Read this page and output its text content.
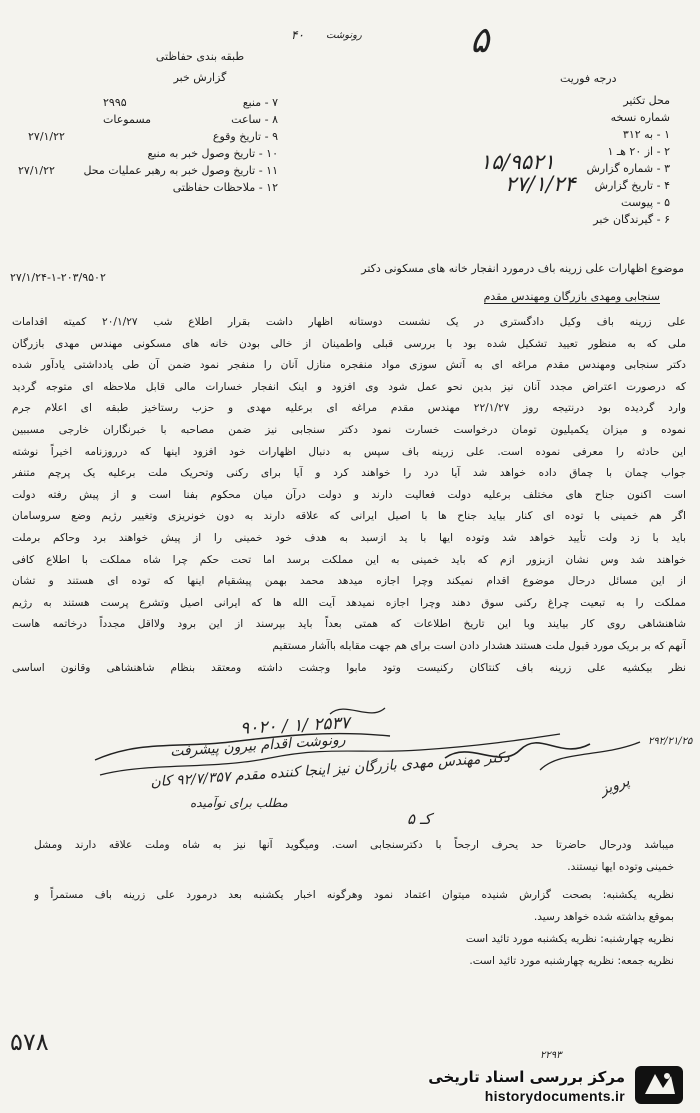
۵
۴۰ رونوشت
طبقه بندی حفاظتی
گزارش خبر
۷ - منبع
۲۹۹۵
۸ - ساعت
مسموعات
۹ - تاریخ وقوع
۲۷/۱/۲۲
۱۰ - تاریخ وصول خبر به منبع
۱۱ - تاریخ وصول خبر به رهبر عملیات محل
۲۷/۱/۲۲
۱۲ - ملاحظات حفاظتی
درجه فوریت
محل تکثیر
شماره نسخه
۱ - به ۳۱۲
۲ - از ۲۰ هـ ۱
۳ - شماره گزارش
۴ - تاریخ گزارش
۵ - پیوست
۶ - گیرندگان خبر
۱۵/۹۵۲۱
۲۷/۱/۲۴
موضوع اظهارات علی زرینه باف درمورد انفجار خانه های مسکونی دکتر
۲۷/۱/۲۴-۱-۲۰۳/۹۵۰۲
سنجابی ومهدی بازرگان ومهندس مقدم
علی زرینه باف وکیل دادگستری در یک نشست دوستانه اظهار داشت بقرار اطلاع شب ۲۰/۱/۲۷ کمیته اقدامات
ملی که به منظور تعیید تشکیل شده بود با بررسی قبلی واطمینان از خالی بودن خانه های مسکونی مهندس مهدی بازرگان
دکتر سنجابی ومهندس مقدم مراغه ای به آتش سوزی مواد منفجره منازل آنان را منفجر نمود ضمن آن طی یادداشتی یادآور شده
که درصورت اعتراض مجدد آنان نیز بدین نحو عمل شود وی افزود و اینک انفجار خسارات مالی قابل ملاحظه ای متوجه گردید
وارد گردیده بود درنتیجه روز ۲۲/۱/۲۷ مهندس مقدم مراغه ای برعلیه مهدی و حزب رستاخیز طبقه ای اعلام جرم
نموده و میزان یکمیلیون تومان درخواست خسارت نمود دکتر سنجابی نیز ضمن مصاحبه با خبرنگاران خارجی مسببین
این حادثه را معرفی نموده است. علی زرینه باف سپس به دنبال اظهارات خود افزود اینها که درروزنامه اخیراً نوشته
جواب چمان با چماق داده خواهد شد آیا درد را خواهند کرد و آیا برای رکنی وتحریک ملت برعلیه یک پرچم متنفر
است اکنون جناح های مختلف برعلیه دولت فعالیت دارند و دولت درآن میان محکوم بفنا است و از پیش رفته دولت
اگر هم خمینی با توده ای کنار بیاید جناح ها با اصیل ایرانی که علاقه دارند به دون خونریزی وتغییر رژیم وضع سروسامان
باید با زد ولت تأیید خواهد شد وتوده ایها با ید ازسبد به هدف خود خمینی را از پیش خواهند برد وحاکم برملت
خواهند شد وس نشان ازبزور ازم که باید خمینی به این مملکت برسد اما تحت حکم چرا شاه مملکت با اطلاع کافی
از این مسائل درحال موضوع اقدام نمیکند وچرا اجازه میدهد محمد بهمن پیشقیام اینها که توده ای هستند و تشان
مملکت را به تبعیت چراغ رکنی سوق دهند وچرا اجازه نمیدهد آیت الله ها که ایرانی اصیل وتشرع پرست هستند به رژیم
شاهنشاهی روی کار بیایند وبا این تاریخ اطلاعات که همتی بعداً باید بپرسند از این برود ولااقل مجدداً درخاتمه هاست
آنهم که بر بریک مورد قبول ملت هستند هشدار دادن است برای هم جهت مقابله باآشار مستقیم
نظر بیکشیه علی زرینه باف کنتاکان رکنیست وتود مابوا وجشت داشته ومعتقد بنظام شاهنشاهی وقانون اساسی
۹۰۲۰ / ۱/ ۲۵۳۷
رونوشت اقدام بیرون پیشرفت
دکتر مهندس مهدی بازرگان نیز اینجا کننده مقدم ۹۲/۷/۳۵۷ کان
مطلب برای نوآمیده
پرویز
۲۹۲/۲۱/۲۵
۵ کـ
میباشد ودرحال حاضرتا حد یحرف ارجحاً با دکترسنجابی است. ومیگوید آنها نیز به شاه وملت علاقه دارند ومشل
خمینی وتوده ایها نیستند.
نظریه یکشنبه: بصحت گزارش شنیده میتوان اعتماد نمود وهرگونه اخبار یکشنبه بعد درمورد علی زرینه باف مستمراً و
بموقع بداشته شده خواهد رسید.
نظریه چهارشنبه: نظریه یکشنبه مورد تائید است
نظریه جمعه: نظریه چهارشنبه مورد تائید است.
۵۷۸	۲۲۹۳
مرکز بررسی اسناد تاریخی
historydocuments.ir
